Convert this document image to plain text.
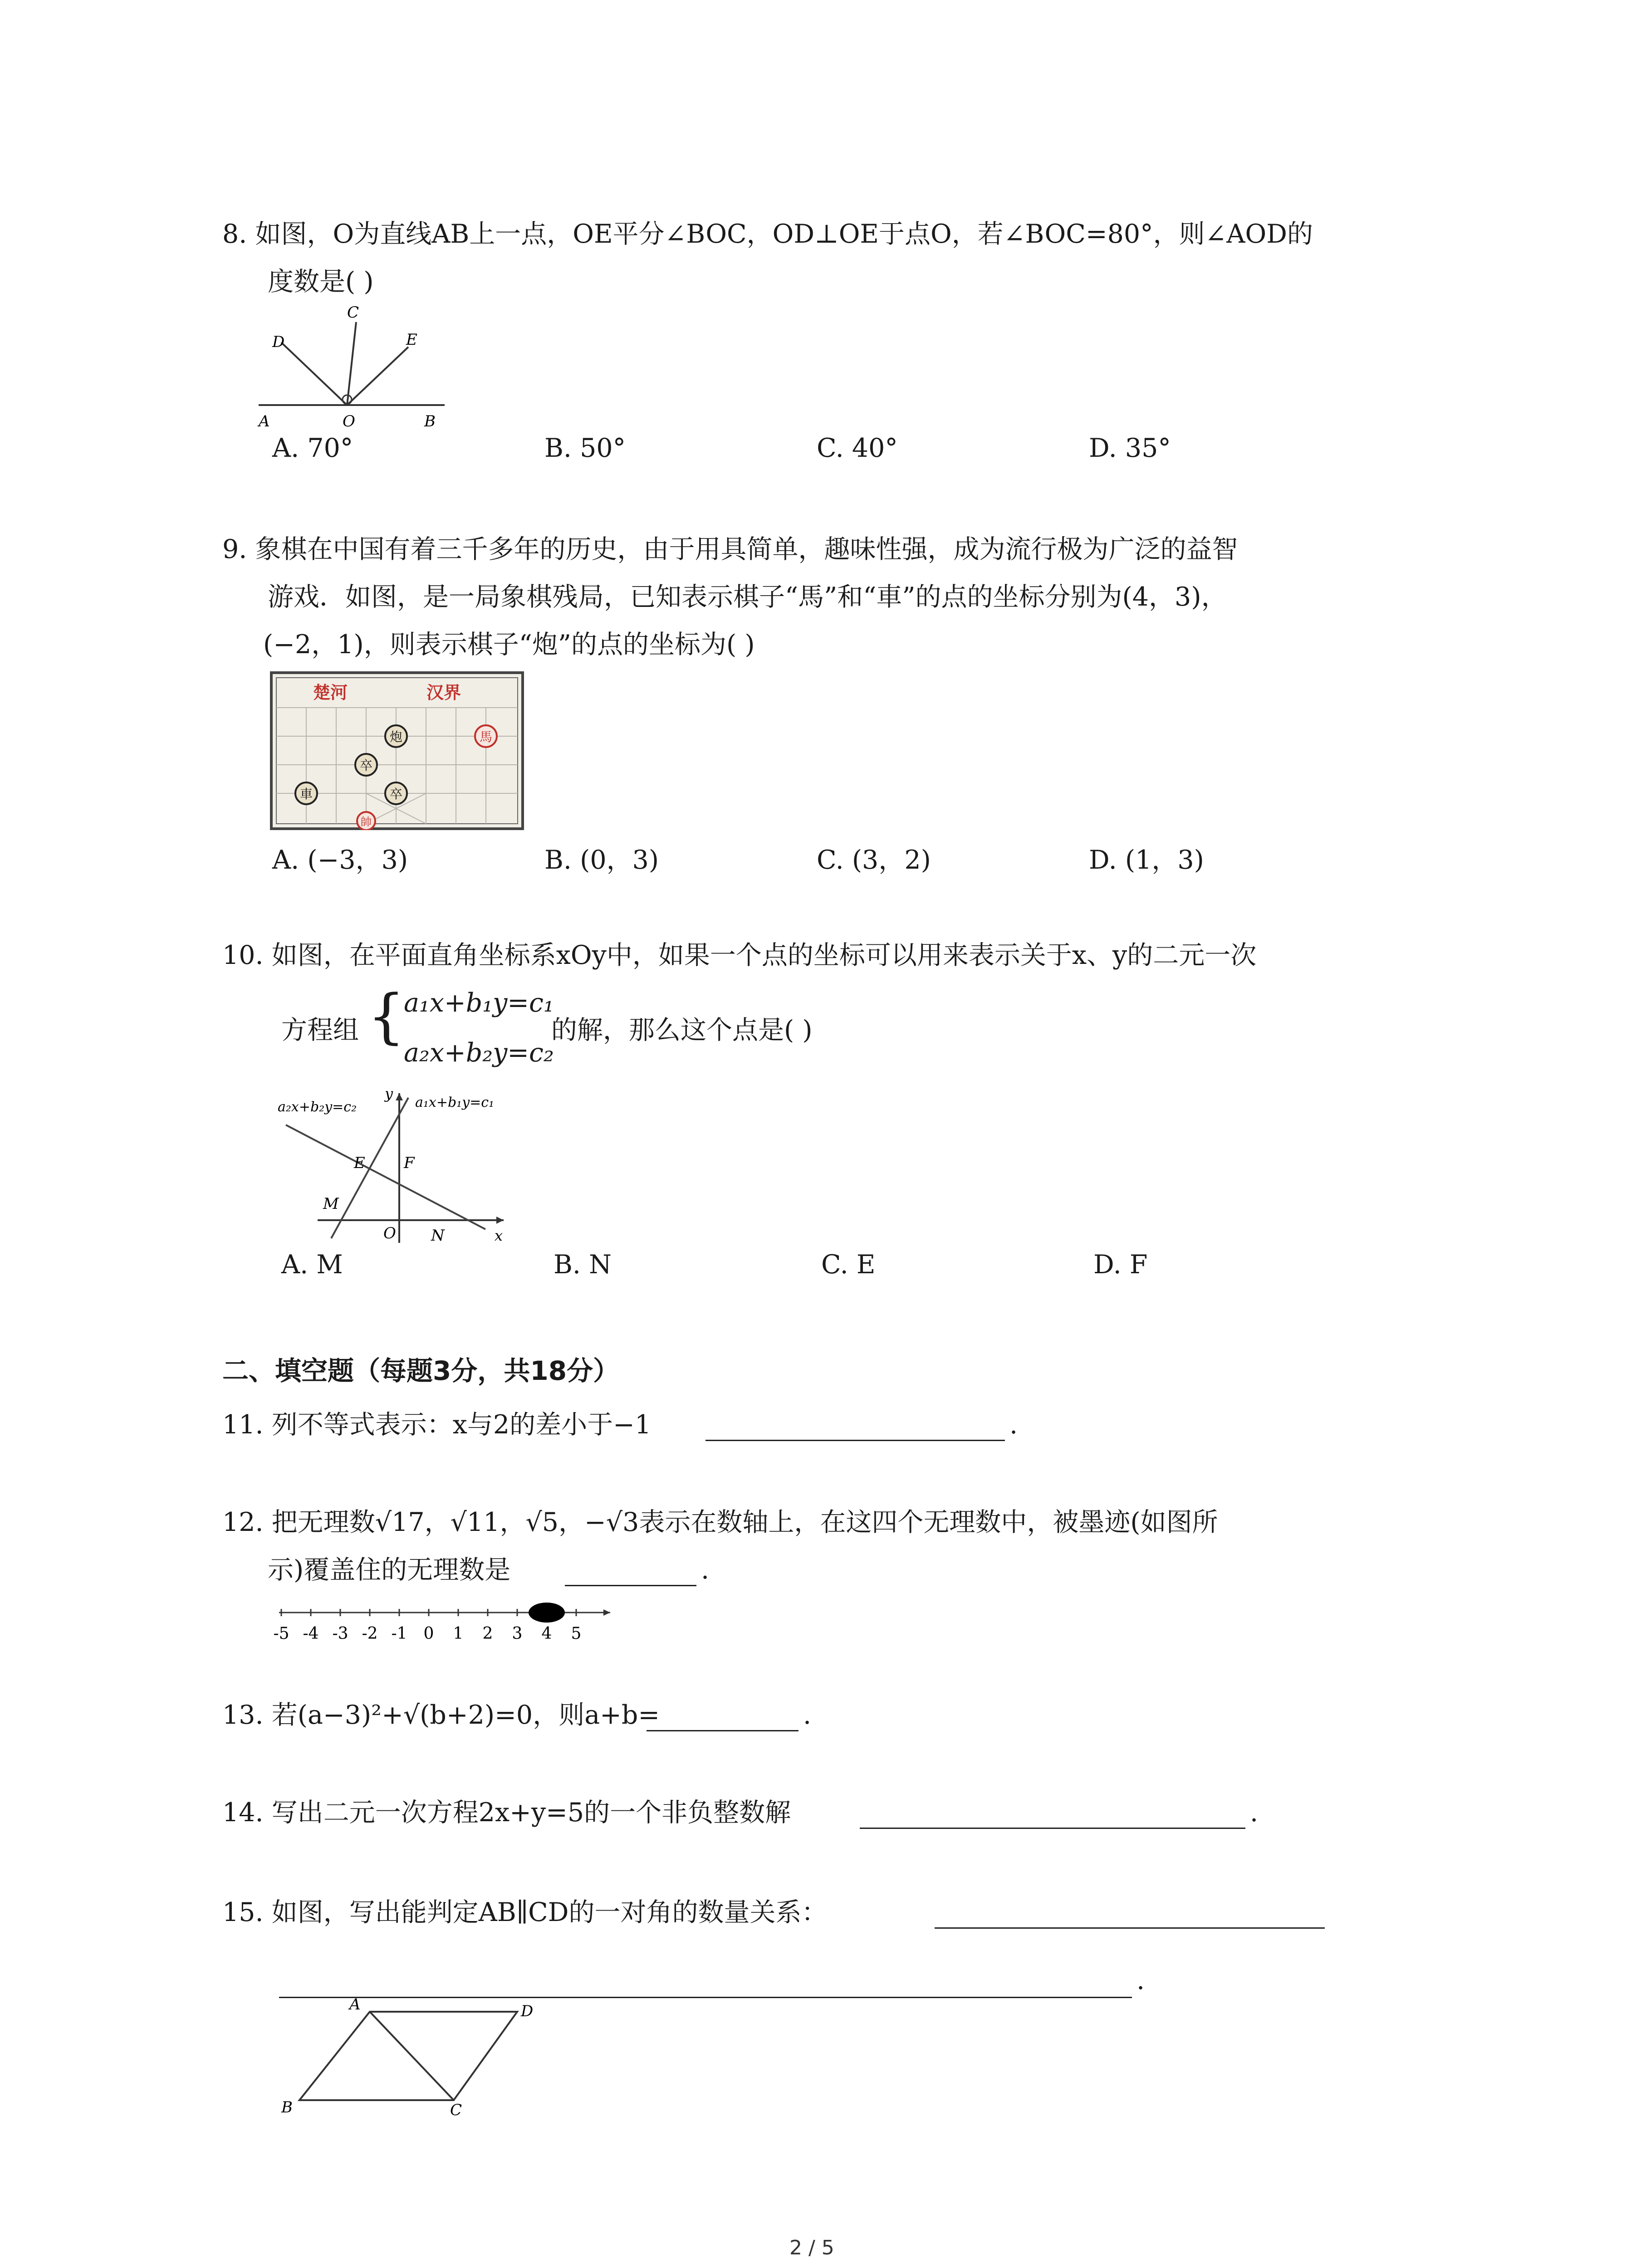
8. 如图，O为直线AB上一点，OE平分∠BOC，OD⊥OE于点O，若∠BOC=80°，则∠AOD的
度数是( )
A	O	B
D
C
E
A. 70°	B. 50°	C. 40°	D. 35°
9. 象棋在中国有着三千多年的历史，由于用具简单，趣味性强，成为流行极为广泛的益智
游戏．如图，是一局象棋残局，已知表示棋子“馬”和“車”的点的坐标分别为(4，3)，
(−2，1)，则表示棋子“炮”的点的坐标为( )
楚河	汉界
炮	馬
卒
車	卒
帥
A. (−3，3)	B. (0，3)	C. (3，2)	D. (1，3)
10. 如图，在平面直角坐标系xOy中，如果一个点的坐标可以用来表示关于x、y的二元一次
方程组 {
a₁x+b₁y=c₁
a₂x+b₂y=c₂
的解，那么这个点是( )
a₂x+b₂y=c₂	a₁x+b₁y=c₁
y
x
E	F
M
O N
A. M	B. N	C. E	D. F
二、填空题（每题3分，共18分）
11. 列不等式表示：x与2的差小于−1	.
12. 把无理数√17，√11，√5，−√3表示在数轴上，在这四个无理数中，被墨迹(如图所
示)覆盖住的无理数是	.
-5 -4 -3 -2 -1 0 1 2 3 4 5
13. 若(a−3)²+√(b+2)=0，则a+b=	.
14. 写出二元一次方程2x+y=5的一个非负整数解	.
15. 如图，写出能判定AB∥CD的一对角的数量关系：
.
A	D
B	C
2 / 5
